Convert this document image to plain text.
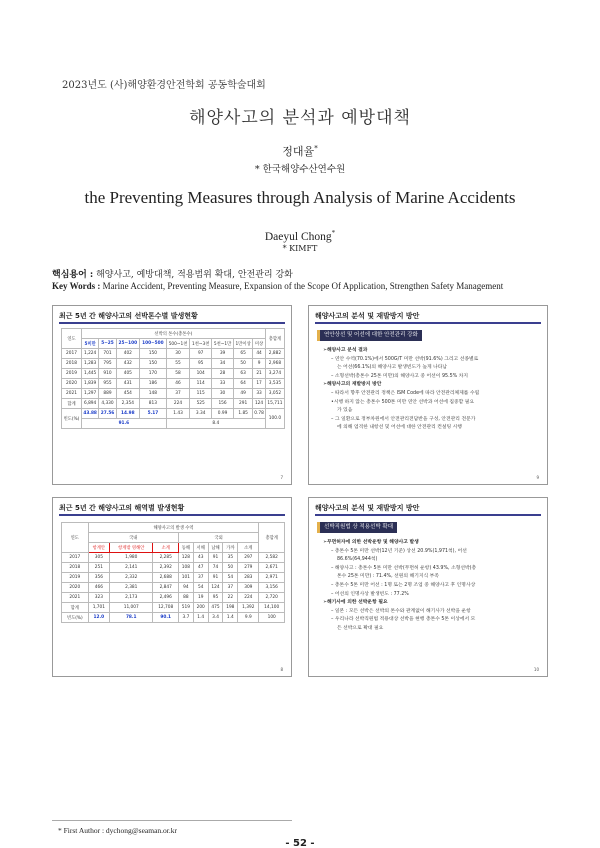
2023년도 (사)해양환경안전학회 공동학술대회
해양사고의 분석과 예방대책
정대율*
* 한국해양수산연수원
the Preventing Measures through Analysis of Marine Accidents
Daeyul Chong*
* KIMFT
핵심용어 : 해양사고, 예방대책, 적용범위 확대, 안전관리 강화
Key Words : Marine Accident, Preventing Measure, Expansion of the Scope Of Application, Strengthen Safety Management
최근 5년 간 해양사고의 선박톤수별 발생현황
연도	선박의 톤수(총톤수)									총합계
	5미만	5~25	25~100	100~500	500~1천	1천~3천	5천~1만	1만이상	미상	
2017	1,224	701	402	150	30	97	39	65	44	2,882
2018	1,283	795	432	150	55	95	34	50	9	2,968
2019	1,445	910	405	170	58	104	28	63	21	3,274
2020	1,839	955	431	186	46	114	33	64	17	3,535
2021	1,297	889	454	148	37	115	30	49	33	3,052
합계	6,894	4,330	2,354	813	224	525	156	291	124	15,711
빈도(%)	43.88	27.56	14.98	5.17	1.43	3.34	0.99	1.85	0.78	100.0
	91.6				8.4					
7
해양사고의 분석 및 재발방지 방안
연안상선 및 어선에 대한 안전관리 강화
➢해양사고 분석 결과
– 연안 수역(70.1%)에서 500G/T 미만 선박(91.6%) 그리고 선종별로
는 어선(66.1%)의 해양사고 발생빈도가 높게 나타남
– 소형선박(총톤수 25톤 미만)의 해양사고 중 어선이 95.5% 차지
➢해양사고의 재발방지 방안
– 따라서 향후 안전관리 정책은 ISM Code에 따라 안전관리체제를 수립
•시행 하지 않는 총톤수 500톤 미만 연안 선박과 어선에 집중할 필요
가 있음
– 그 일환으로 정부차원에서 안전관리전담반을 구성, 안전관리 전문가
에 의해 엄격한 내항선 및 어선에 대한 안전관리 컨설팅 시행
9
최근 5년 간 해양사고의 해역별 발생현황
연도	해양사고의 발생 수역								총합계
	국내			국외					
	항계안	항계밖 영해안	소계	동해	서해	남해	가까	소계	
2017	305	1,980	2,285	128	43	91	35	297	2,582
2018	251	2,141	2,392	108	47	74	50	279	2,671
2019	356	2,332	2,688	101	37	91	54	283	2,971
2020	466	2,381	2,847	94	54	124	37	309	3,156
2021	323	2,173	2,496	88	19	95	22	224	2,720
합계	1,701	11,007	12,708	519	200	475	198	1,392	14,100
빈도(%)	12.0	78.1	90.1	3.7	1.4	3.4	1.4	9.9	100
8
해양사고의 분석 및 재발방지 방안
선박직원법 상 적용선박 확대
➢무면허자에 의한 선박운항 및 해양사고 발생
– 총톤수 5톤 미만 선박(12년 기준) 상선 20.9%(1,971척), 어선
86.6%(64,944척)
– 해양사고 : 총톤수 5톤 미만 선박(무면허 운항) 43.9%, 소형선박(총
톤수 25톤 미만) : 71.4%, 선원의 해기지식 부족
– 총톤수 5톤 미만 어선 : 1명 또는 2명 조업 중 해양사고 후 인명사상
– 어선의 인명사상 발생빈도 : 77.2%
➢해기사에 의한 선박운항 필요
– 일본 : 모든 선박은 선박의 톤수와 관계없이 해기사가 선박을 운항
– 우리나라 선박직원법 적용대상 선박을 현행 총톤수 5톤 이상에서 모
든 선박으로 확대 필요
10
* First Author : dychong@seaman.or.kr
- 52 -
